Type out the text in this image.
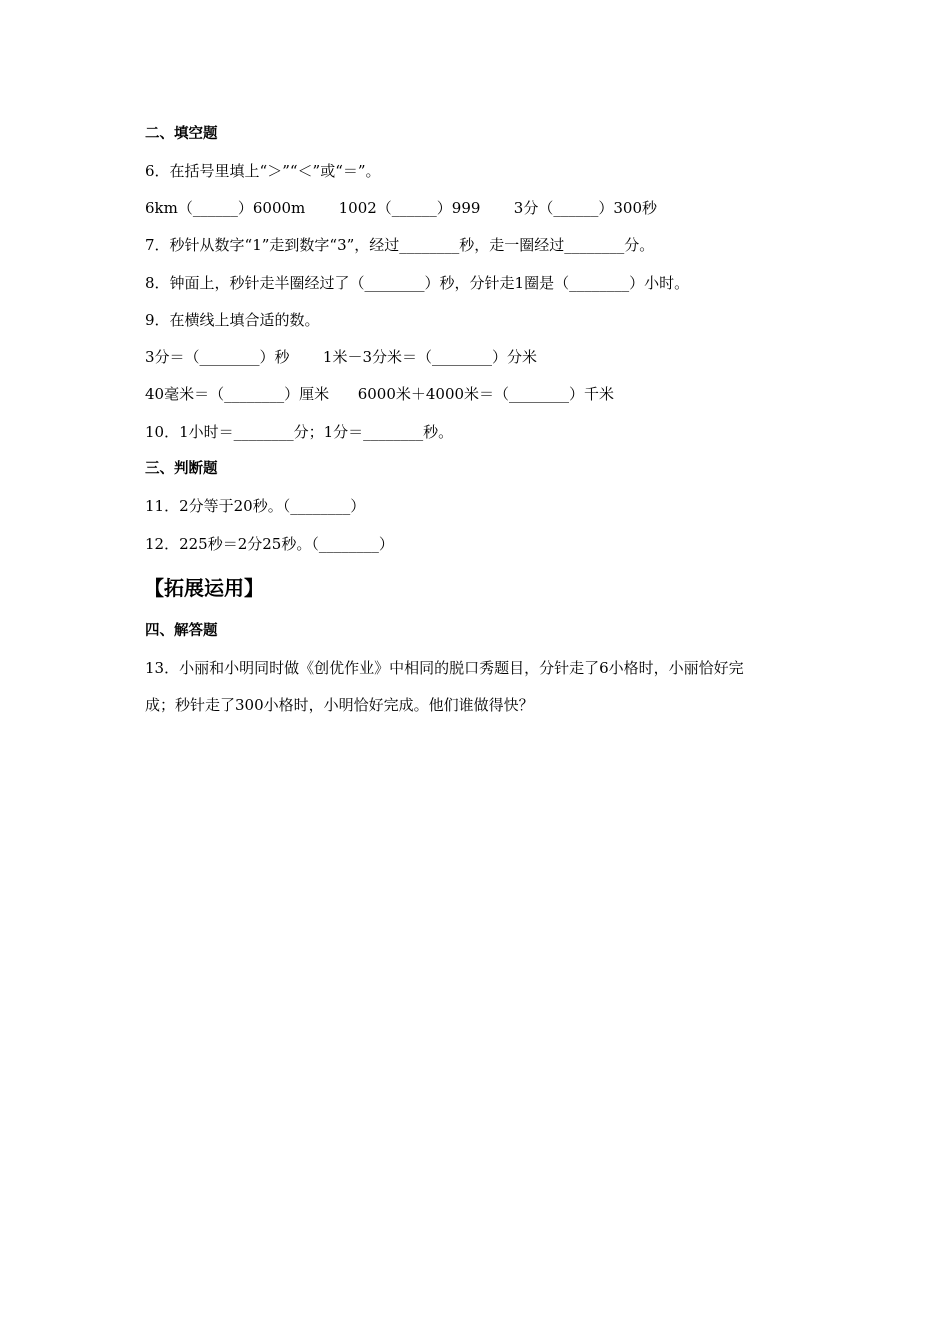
二、填空题
6．在括号里填上“＞”“＜”或“＝”。
6km（______）6000m       1002（______）999       3分（______）300秒
7．秒针从数字“1”走到数字“3”，经过________秒，走一圈经过________分。
8．钟面上，秒针走半圈经过了（________）秒，分针走1圈是（________）小时。
9．在横线上填合适的数。
3分＝（________）秒       1米－3分米＝（________）分米
40毫米＝（________）厘米      6000米＋4000米＝（________）千米
10．1小时＝________分；1分＝________秒。
三、判断题
11．2分等于20秒。（________）
12．225秒＝2分25秒。（________）
【拓展运用】
四、解答题
13．小丽和小明同时做《创优作业》中相同的脱口秀题目，分针走了6小格时，小丽恰好完
成；秒针走了300小格时，小明恰好完成。他们谁做得快？
